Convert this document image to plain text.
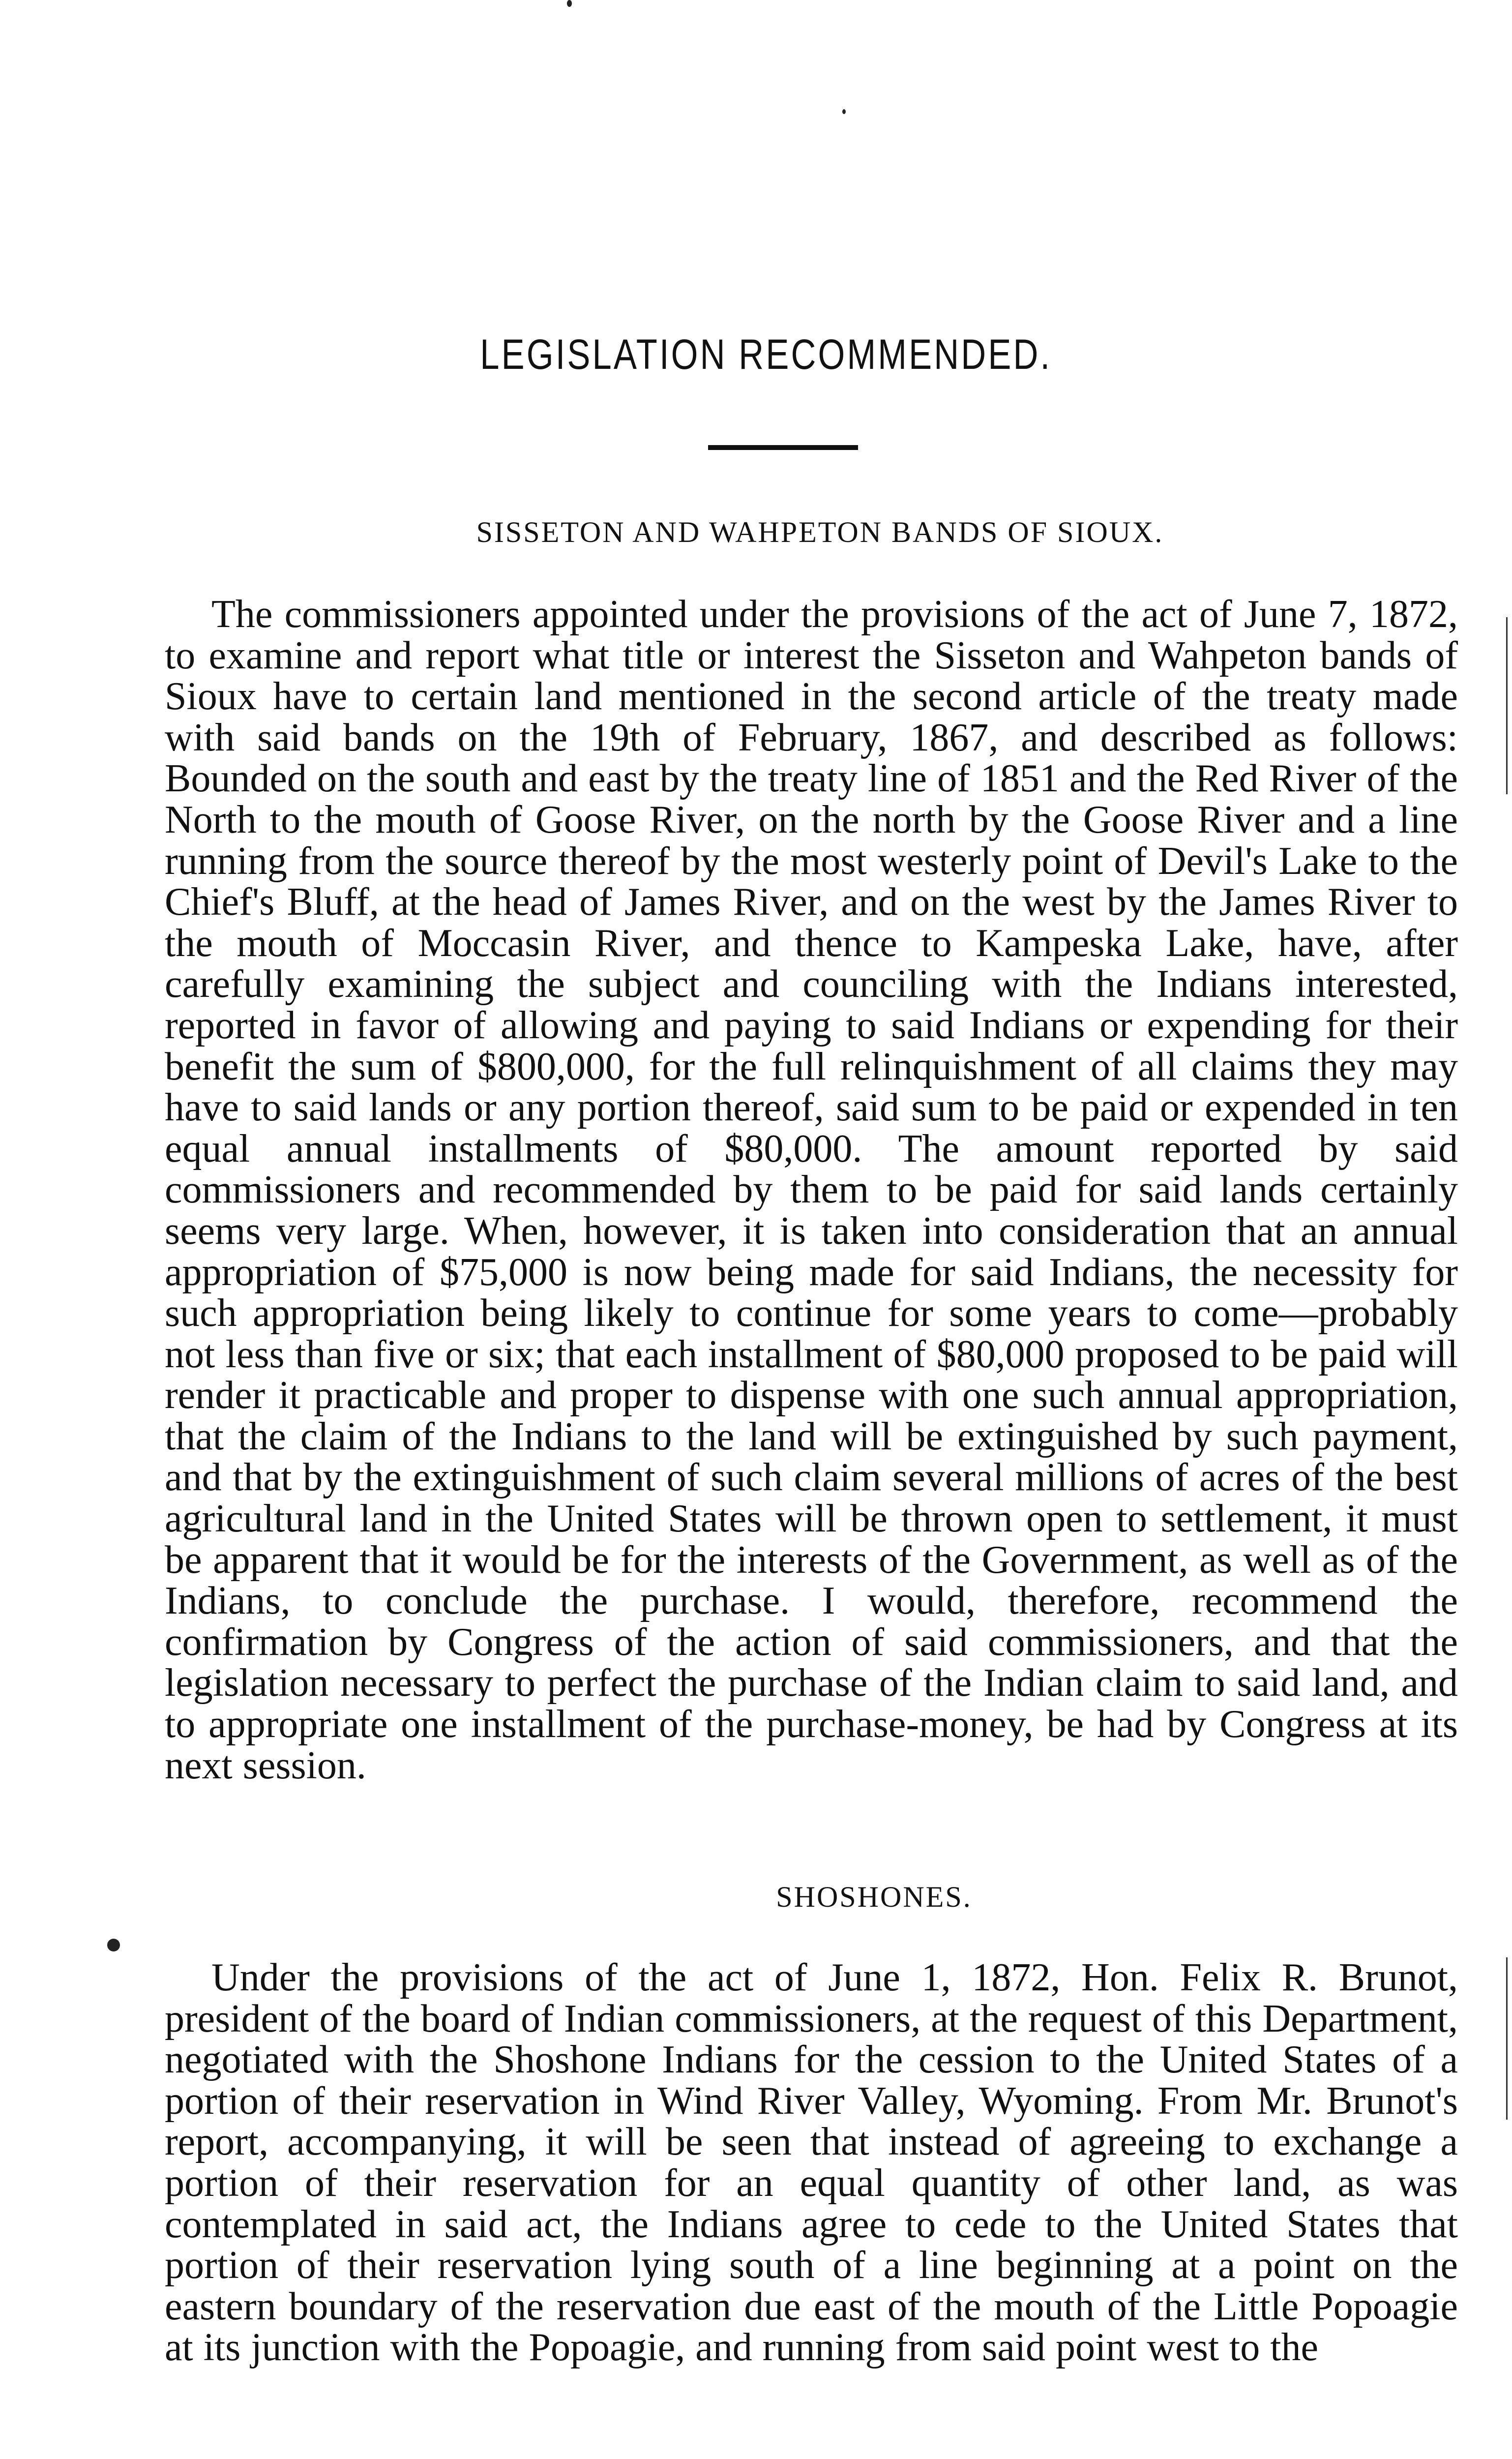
LEGISLATION RECOMMENDED.
SISSETON AND WAHPETON BANDS OF SIOUX.

The commissioners appointed under the provisions of the act of June 7, 1872, to examine and report what title or interest the Sisseton and Wahpeton bands of Sioux have to certain land mentioned in the second article of the treaty made with said bands on the 19th of February, 1867, and described as follows: Bounded on the south and east by the treaty line of 1851 and the Red River of the North to the mouth of Goose River, on the north by the Goose River and a line running from the source thereof by the most westerly point of Devil's Lake to the Chief's Bluff, at the head of James River, and on the west by the James River to the mouth of Moccasin River, and thence to Kampeska Lake, have, after carefully examining the subject and counciling with the Indians interested, reported in favor of allowing and paying to said Indians or expending for their benefit the sum of $800,000, for the full relinquishment of all claims they may have to said lands or any portion thereof, said sum to be paid or expended in ten equal annual installments of $80,000. The amount reported by said commissioners and recommended by them to be paid for said lands certainly seems very large. When, however, it is taken into consideration that an annual appropriation of $75,000 is now being made for said Indians, the necessity for such appropriation being likely to continue for some years to come—probably not less than five or six; that each installment of $80,000 proposed to be paid will render it practicable and proper to dispense with one such annual appropriation, that the claim of the Indians to the land will be extinguished by such payment, and that by the extinguishment of such claim several millions of acres of the best agricultural land in the United States will be thrown open to settlement, it must be apparent that it would be for the interests of the Government, as well as of the Indians, to conclude the purchase. I would, therefore, recommend the confirmation by Congress of the action of said commissioners, and that the legislation necessary to perfect the purchase of the Indian claim to said land, and to appropriate one installment of the purchase-money, be had by Congress at its next session.

SHOSHONES.

Under the provisions of the act of June 1, 1872, Hon. Felix R. Brunot, president of the board of Indian commissioners, at the request of this Department, negotiated with the Shoshone Indians for the cession to the United States of a portion of their reservation in Wind River Valley, Wyoming. From Mr. Brunot's report, accompanying, it will be seen that instead of agreeing to exchange a portion of their reservation for an equal quantity of other land, as was contemplated in said act, the Indians agree to cede to the United States that portion of their reservation lying south of a line beginning at a point on the eastern boundary of the reservation due east of the mouth of the Little Popoagie at its junction with the Popoagie, and running from said point west to the
